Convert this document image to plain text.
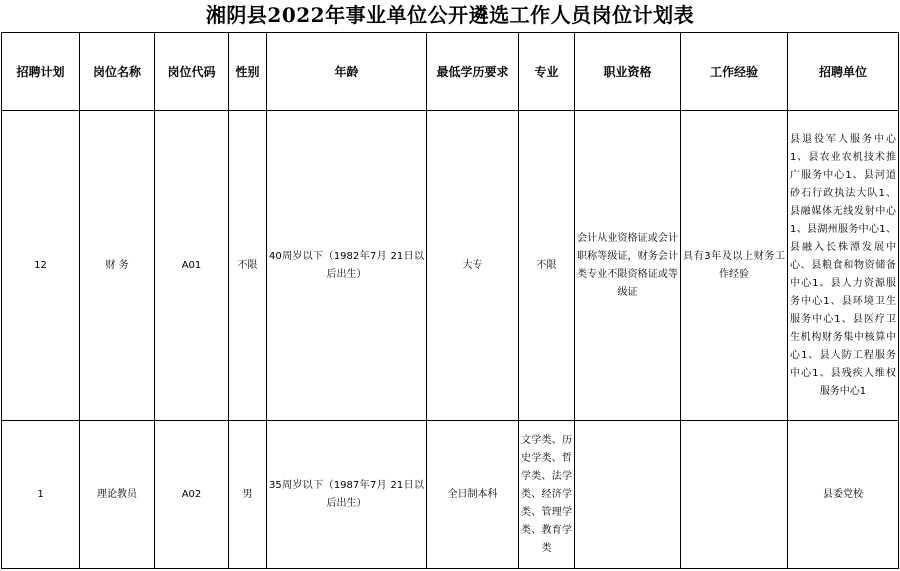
湘阴县2022年事业单位公开遴选工作人员岗位计划表
招聘计划	岗位名称	岗位代码	性别	年龄	最低学历要求	专业	职业资格	工作经验	招聘单位
12	财 务	A01	不限	40周岁以下（1982年7月 21日以后出生）	大专	不限	会计从业资格证或会计职称等级证，财务会计类专业不限资格证或等级证	具有3年及以上财务工作经验	县退役军人服务中心1、县农业农机技术推广服务中心1、县河道砂石行政执法大队1、县融媒体无线发射中心1、县湖州服务中心1、县融入长株潭发展中心、县粮食和物资储备中心1、县人力资源服务中心1、县环境卫生服务中心1、县医疗卫生机构财务集中核算中心1、县人防工程服务中心1、县残疾人维权服务中心1
1	理论教员	A02	男	35周岁以下（1987年7月 21日以后出生）	全日制本科	文学类、历史学类、哲学类、法学类、经济学类、管理学类、教育学类			县委党校
